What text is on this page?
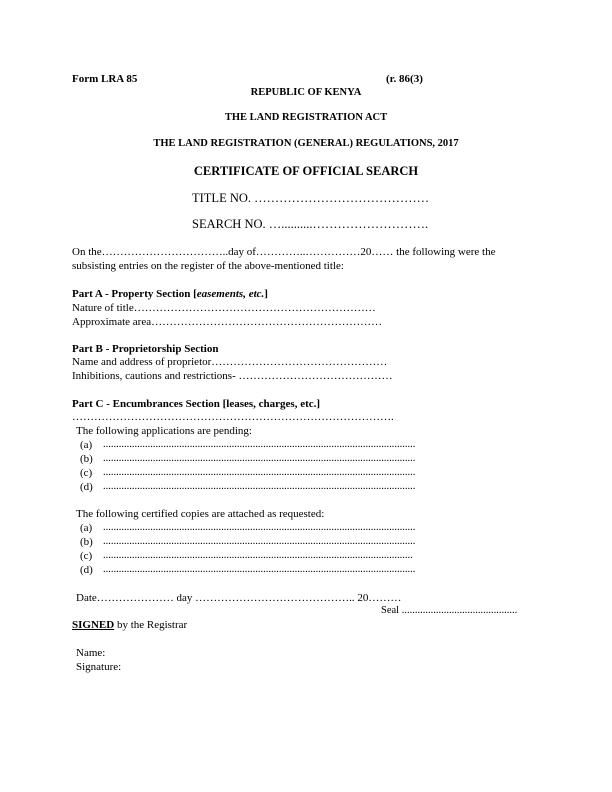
Form LRA 85	(r. 86(3)
REPUBLIC OF KENYA
THE LAND REGISTRATION ACT
THE LAND REGISTRATION (GENERAL) REGULATIONS, 2017
CERTIFICATE OF OFFICIAL SEARCH
TITLE NO. ……………………………………
SEARCH NO. …..........……………………….
On the……………………………..day of…………..……………20…… the following were the
subsisting entries on the register of the above-mentioned title:
Part A - Property Section [easements, etc.]
Nature of title…………………………………………………………
Approximate area………………………………………………………
Part B - Proprietorship Section
Name and address of proprietor…………………………………………
Inhibitions, cautions and restrictions- ……………………………………
Part C - Encumbrances Section [leases, charges, etc.]
…………………………………………………………………………….
The following applications are pending:
(a) .......................................................................................................................
(b) .......................................................................................................................
(c) .......................................................................................................................
(d) .......................................................................................................................
The following certified copies are attached as requested:
(a) .......................................................................................................................
(b) .......................................................................................................................
(c) ......................................................................................................................
(d) .......................................................................................................................
Date………………… day …………………………………….. 20………
Seal ............................................
SIGNED by the Registrar
Name:
Signature:
